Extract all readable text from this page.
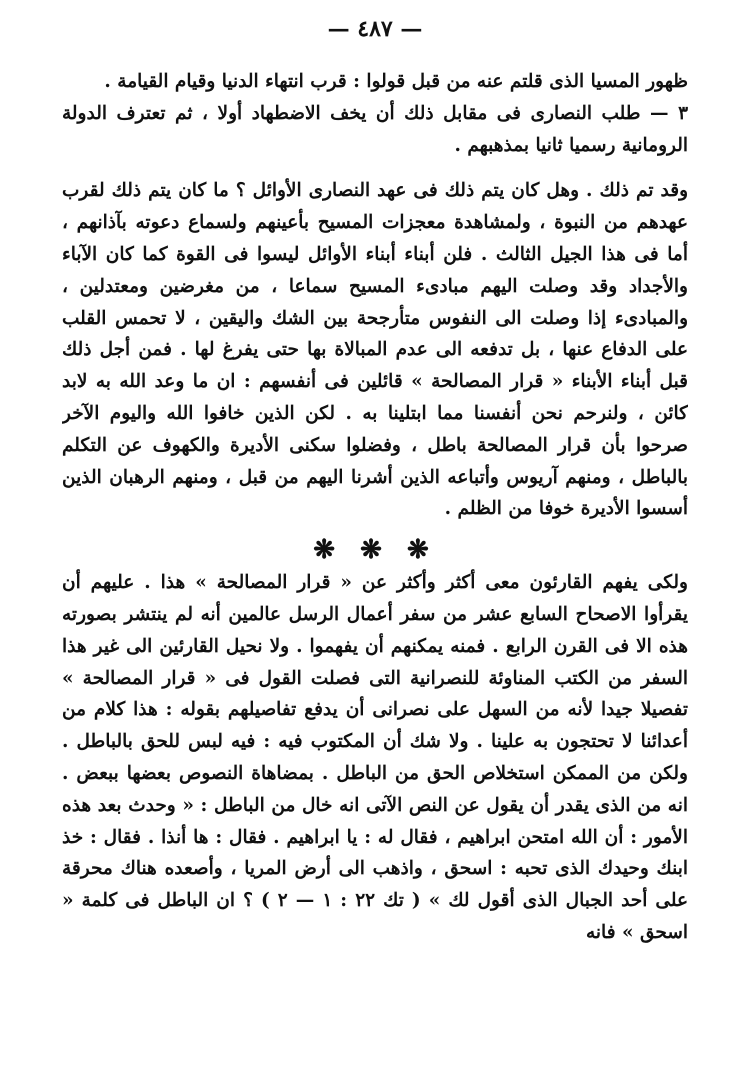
— ٤٨٧ —

ظهور المسيا الذى قلتم عنه من قبل قولوا : قرب انتهاء الدنيا وقيام القيامة .

٣ — طلب النصارى فى مقابل ذلك أن يخف الاضطهاد أولا ، ثم تعترف الدولة الرومانية رسميا ثانيا بمذهبهم .

وقد تم ذلك . وهل كان يتم ذلك فى عهد النصارى الأوائل ؟ ما كان يتم ذلك لقرب عهدهم من النبوة ، ولمشاهدة معجزات المسيح بأعينهم ولسماع دعوته بآذانهم ، أما فى هذا الجيل الثالث . فلن أبناء أبناء الأوائل ليسوا فى القوة كما كان الآباء والأجداد وقد وصلت اليهم مبادىء المسيح سماعا ، من مغرضين ومعتدلين ، والمبادىء إذا وصلت الى النفوس متأرجحة بين الشك واليقين ، لا تحمس القلب على الدفاع عنها ، بل تدفعه الى عدم المبالاة بها حتى يفرغ لها . فمن أجل ذلك قبل أبناء الأبناء « قرار المصالحة » قائلين فى أنفسهم : ان ما وعد الله به لابد كائن ، ولنرحم نحن أنفسنا مما ابتلينا به . لكن الذين خافوا الله واليوم الآخر صرحوا بأن قرار المصالحة باطل ، وفضلوا سكنى الأديرة والكهوف عن التكلم بالباطل ، ومنهم آريوس وأتباعه الذين أشرنا اليهم من قبل ، ومنهم الرهبان الذين أسسوا الأديرة خوفا من الظلم .

❋ ❋ ❋

ولكى يفهم القارئون معى أكثر وأكثر عن « قرار المصالحة » هذا . عليهم أن يقرأوا الاصحاح السابع عشر من سفر أعمال الرسل عالمين أنه لم ينتشر بصورته هذه الا فى القرن الرابع . فمنه يمكنهم أن يفهموا . ولا نحيل القارئين الى غير هذا السفر من الكتب المناوئة للنصرانية التى فصلت القول فى « قرار المصالحة » تفصيلا جيدا لأنه من السهل على نصرانى أن يدفع تفاصيلهم بقوله : هذا كلام من أعدائنا لا تحتجون به علينا . ولا شك أن المكتوب فيه : فيه لبس للحق بالباطل . ولكن من الممكن استخلاص الحق من الباطل . بمضاهاة النصوص بعضها ببعض . انه من الذى يقدر أن يقول عن النص الآتى انه خال من الباطل : « وحدث بعد هذه الأمور : أن الله امتحن ابراهيم ، فقال له : يا ابراهيم . فقال : ها أنذا . فقال : خذ ابنك وحيدك الذى تحبه : اسحق ، واذهب الى أرض المريا ، وأصعده هناك محرقة على أحد الجبال الذى أقول لك » ( تك ٢٢ : ١ — ٢ ) ؟ ان الباطل فى كلمة « اسحق » فانه
